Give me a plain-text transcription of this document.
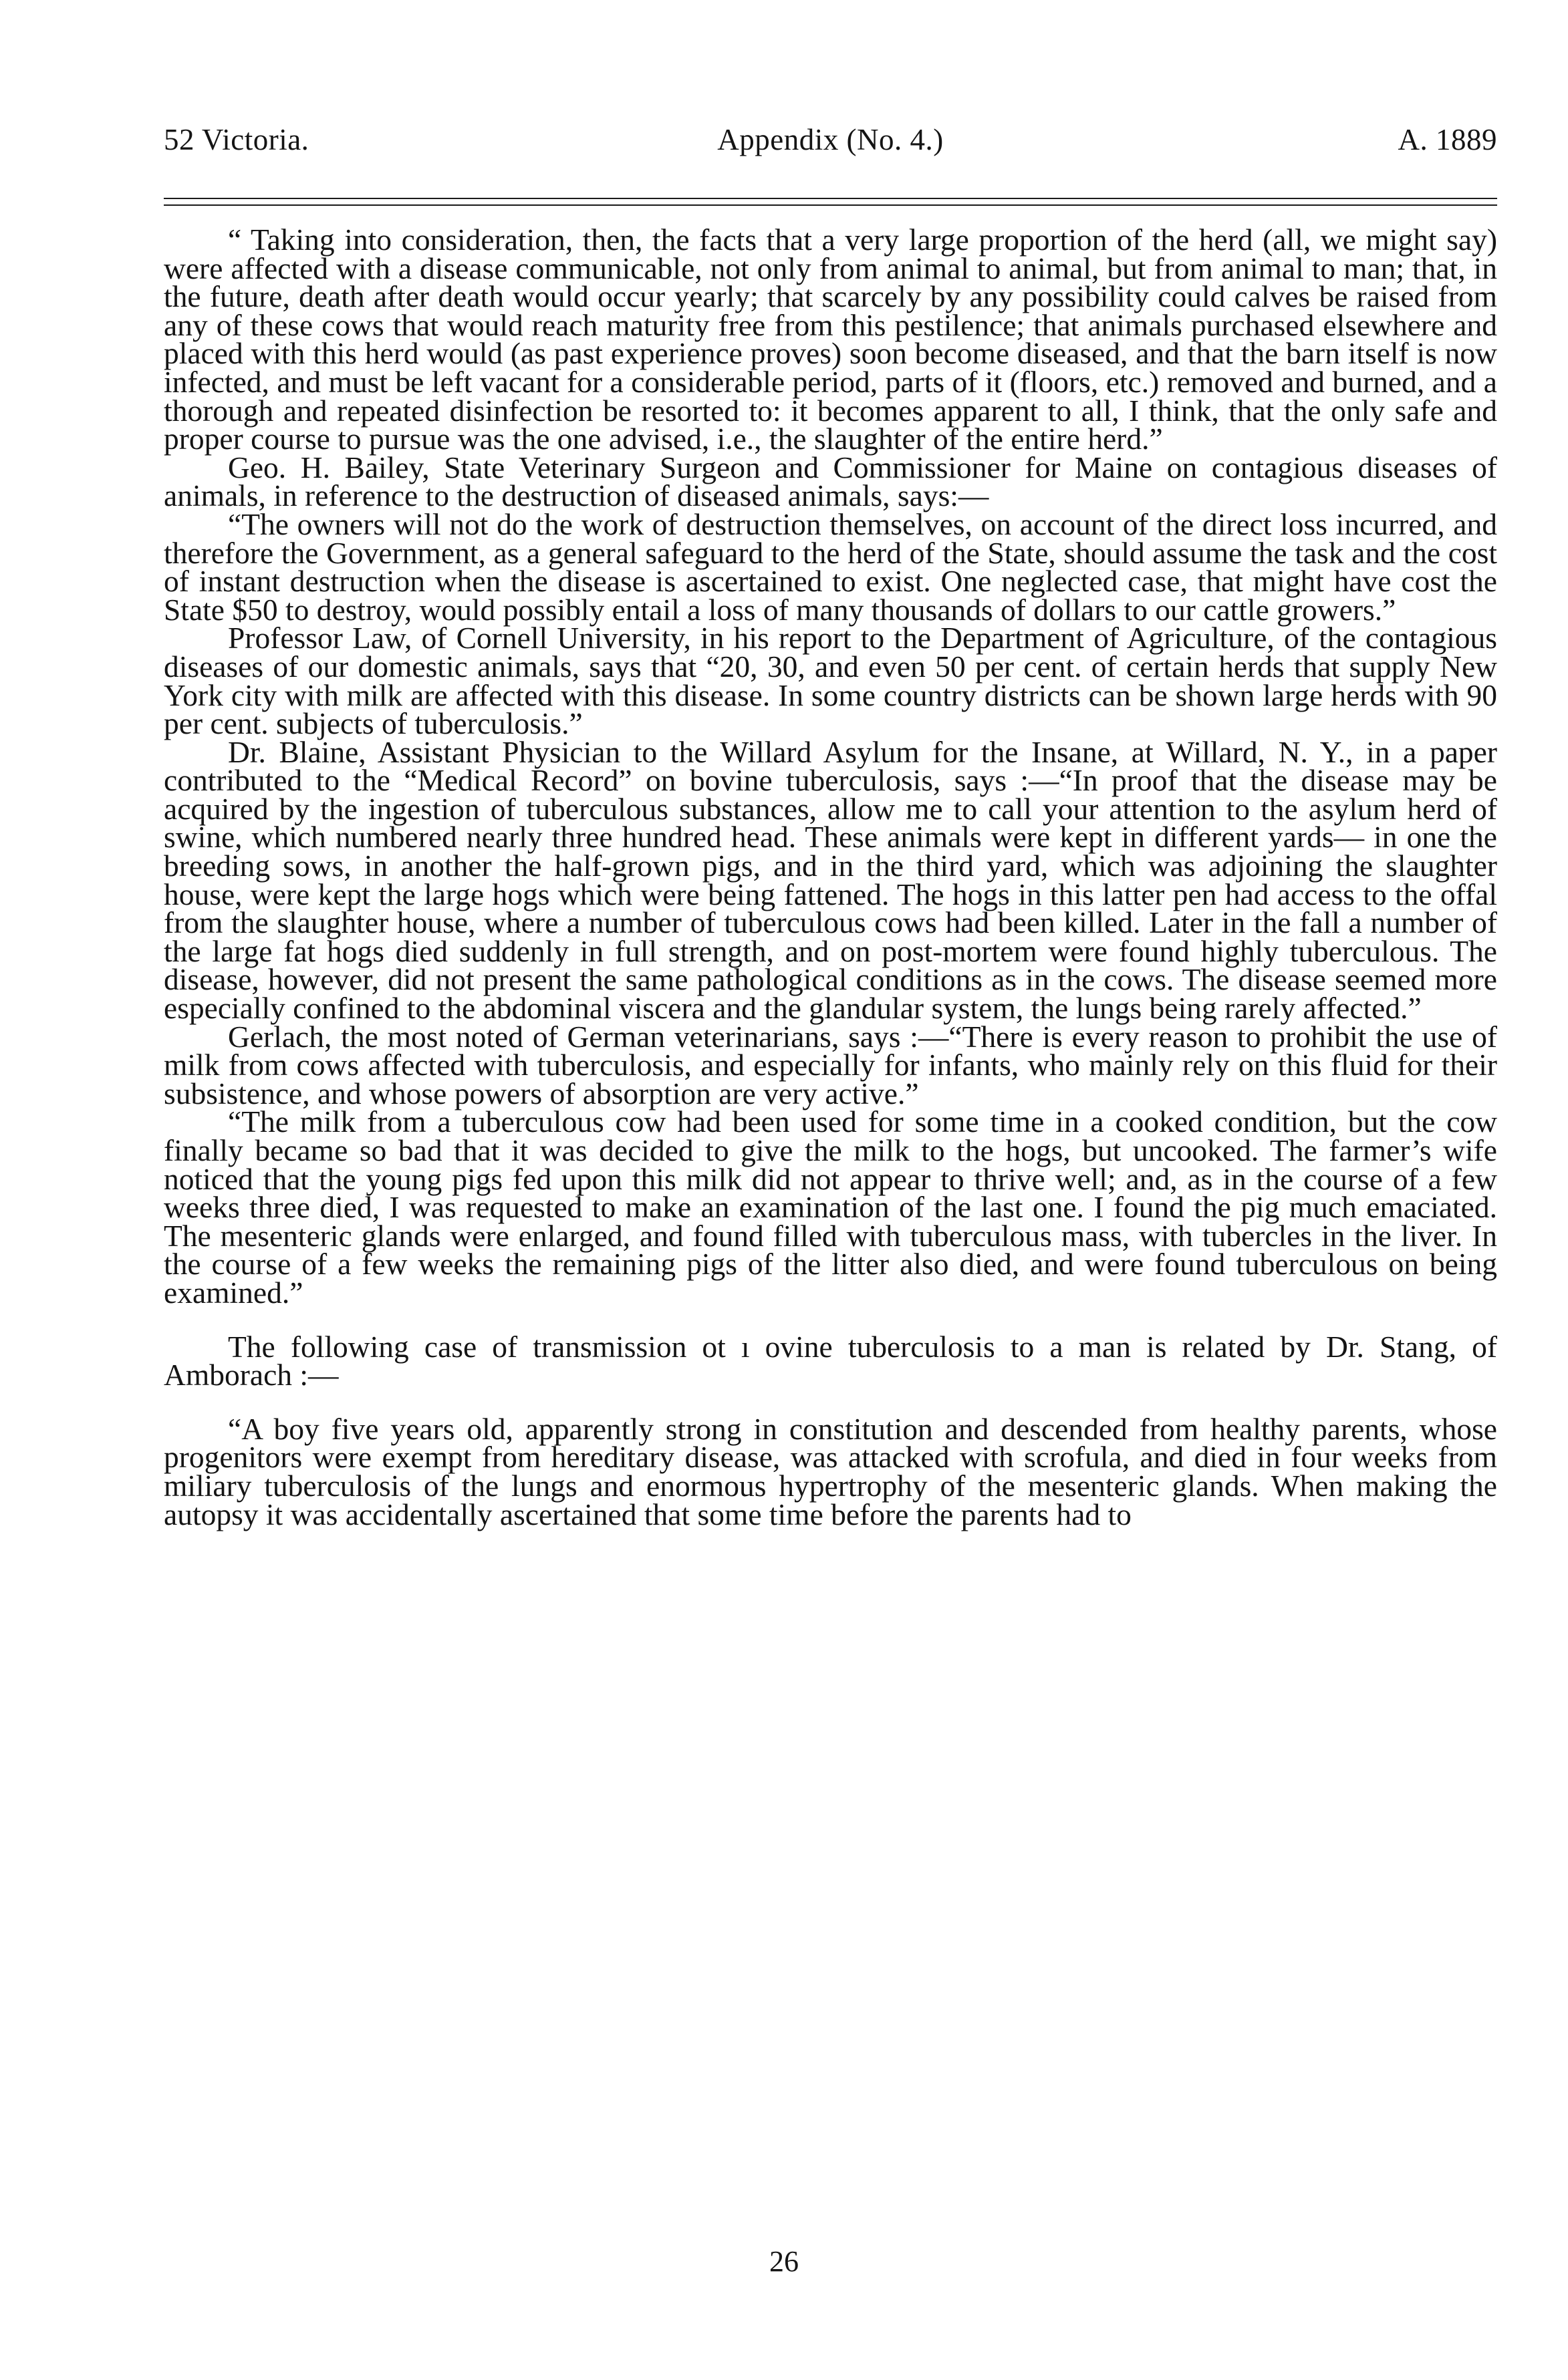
52 Victoria.	Appendix (No. 4.)	A. 1889

“ Taking into consideration, then, the facts that a very large proportion of the herd (all, we might say) were affected with a disease communicable, not only from animal to animal, but from animal to man; that, in the future, death after death would occur yearly; that scarcely by any possibility could calves be raised from any of these cows that would reach maturity free from this pestilence; that animals purchased elsewhere and placed with this herd would (as past experience proves) soon become diseased, and that the barn itself is now infected, and must be left vacant for a considerable period, parts of it (floors, etc.) removed and burned, and a thorough and repeated disinfection be resorted to: it becomes apparent to all, I think, that the only safe and proper course to pursue was the one advised, i.e., the slaughter of the entire herd.”

Geo. H. Bailey, State Veterinary Surgeon and Commissioner for Maine on contagious diseases of animals, in reference to the destruction of diseased animals, says:—

“The owners will not do the work of destruction themselves, on account of the direct loss incurred, and therefore the Government, as a general safeguard to the herd of the State, should assume the task and the cost of instant destruction when the disease is ascertained to exist. One neglected case, that might have cost the State $50 to destroy, would possibly entail a loss of many thousands of dollars to our cattle growers.”

Professor Law, of Cornell University, in his report to the Department of Agriculture, of the contagious diseases of our domestic animals, says that “20, 30, and even 50 per cent. of certain herds that supply New York city with milk are affected with this disease. In some country districts can be shown large herds with 90 per cent. subjects of tuberculosis.”

Dr. Blaine, Assistant Physician to the Willard Asylum for the Insane, at Willard, N. Y., in a paper contributed to the “Medical Record” on bovine tuberculosis, says :—“In proof that the disease may be acquired by the ingestion of tuberculous substances, allow me to call your attention to the asylum herd of swine, which numbered nearly three hundred head. These animals were kept in different yards— in one the breeding sows, in another the half-grown pigs, and in the third yard, which was adjoining the slaughter house, were kept the large hogs which were being fattened. The hogs in this latter pen had access to the offal from the slaughter house, where a number of tuberculous cows had been killed. Later in the fall a number of the large fat hogs died suddenly in full strength, and on post-mortem were found highly tuberculous. The disease, however, did not present the same pathological conditions as in the cows. The disease seemed more especially confined to the abdominal viscera and the glandular system, the lungs being rarely affected.”

Gerlach, the most noted of German veterinarians, says :—“There is every reason to prohibit the use of milk from cows affected with tuberculosis, and especially for infants, who mainly rely on this fluid for their subsistence, and whose powers of absorption are very active.”

“The milk from a tuberculous cow had been used for some time in a cooked condition, but the cow finally became so bad that it was decided to give the milk to the hogs, but uncooked. The farmer’s wife noticed that the young pigs fed upon this milk did not appear to thrive well; and, as in the course of a few weeks three died, I was requested to make an examination of the last one. I found the pig much emaciated. The mesenteric glands were enlarged, and found filled with tuberculous mass, with tubercles in the liver. In the course of a few weeks the remaining pigs of the litter also died, and were found tuberculous on being examined.”

The following case of transmission ot ı ovine tuberculosis to a man is related by Dr. Stang, of Amborach :—

“A boy five years old, apparently strong in constitution and descended from healthy parents, whose progenitors were exempt from hereditary disease, was attacked with scrofula, and died in four weeks from miliary tuberculosis of the lungs and enormous hypertrophy of the mesenteric glands. When making the autopsy it was accidentally ascertained that some time before the parents had to

26
